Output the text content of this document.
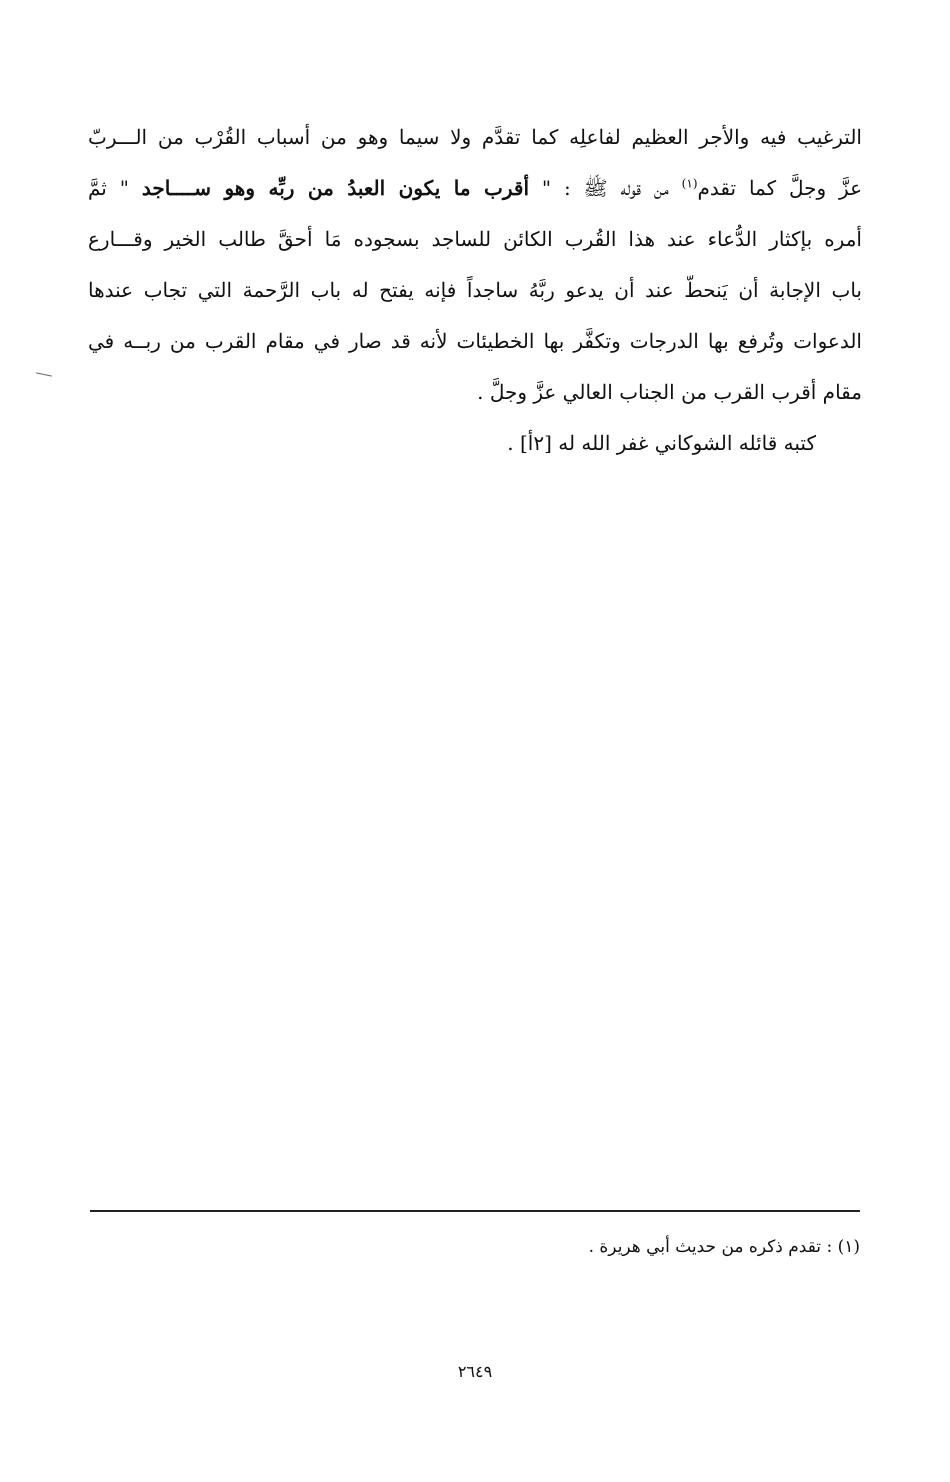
الترغيب فيه والأجر العظيم لفاعلِه كما تقدَّم ولا سيما وهو من أسباب القُرْب من الـــربّ
عزَّ وجلَّ كما تقدم$^{(١)}$ من قوله ﷺ : " أقرب ما يكون العبدُ من ربِّه وهو ســــاجد " ثمَّ
أمره بإكثار الدُّعاء عند هذا القُرب الكائن للساجد بسجوده مَا أحقَّ طالب الخير وقـــارع
باب الإجابة أن يَنحطّ عند أن يدعو ربَّهُ ساجداً فإنه يفتح له باب الرَّحمة التي تجاب عندها
الدعوات وتُرفع بها الدرجات وتكفَّر بها الخطيئات لأنه قد صار في مقام القرب من ربــه في
مقام أقرب القرب من الجناب العالي عزَّ وجلَّ .
كتبه قائله الشوكاني غفر الله له [٢أ] .
(١) : تقدم ذكره من حديث أبي هريرة .
٢٦٤٩
